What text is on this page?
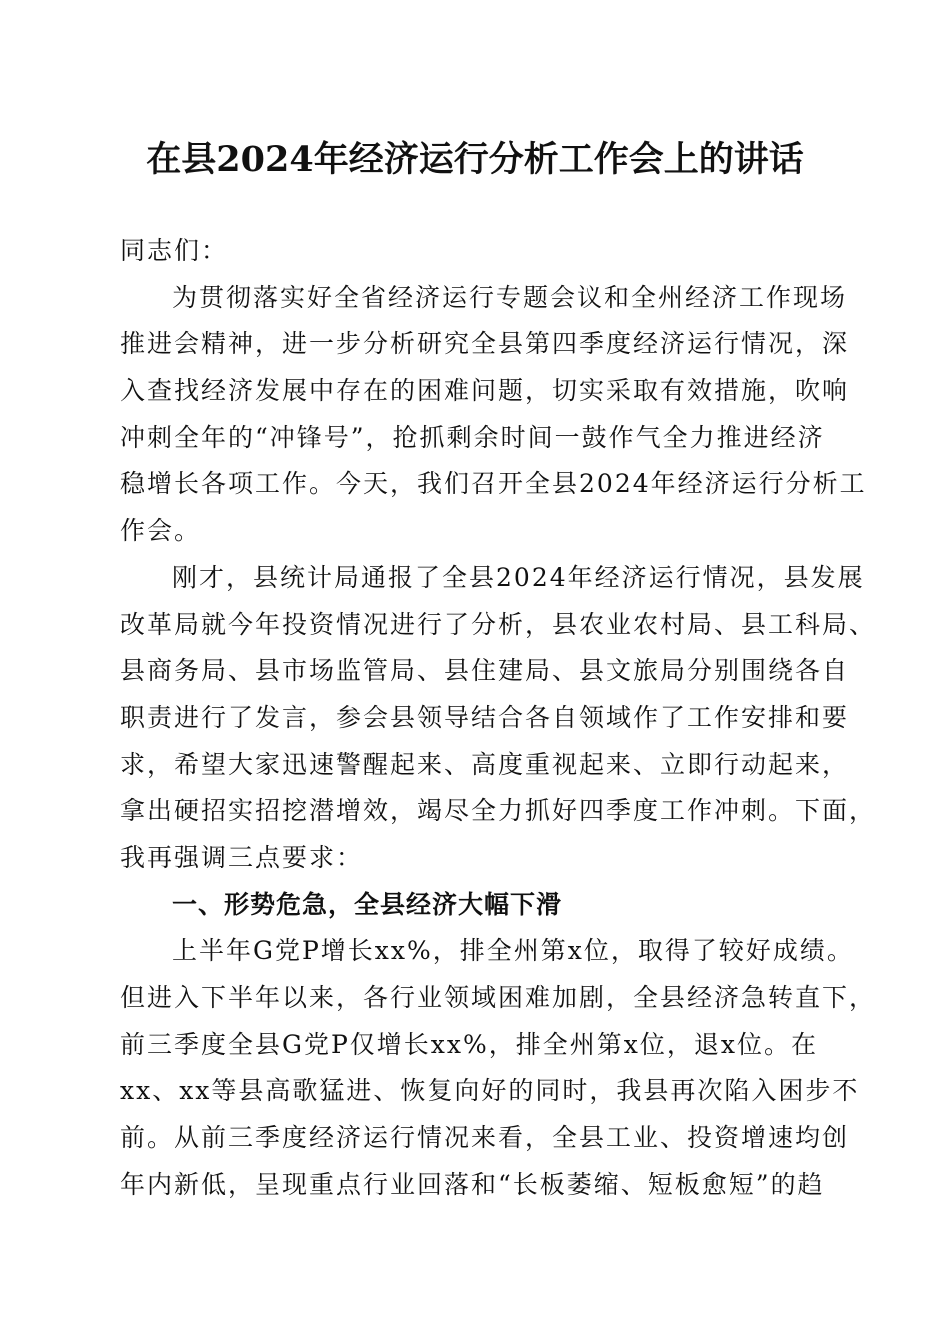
在县2024年经济运行分析工作会上的讲话
同志们：
为贯彻落实好全省经济运行专题会议和全州经济工作现场
推进会精神，进一步分析研究全县第四季度经济运行情况，深
入查找经济发展中存在的困难问题，切实采取有效措施，吹响
冲刺全年的“冲锋号”，抢抓剩余时间一鼓作气全力推进经济
稳增长各项工作。今天，我们召开全县2024年经济运行分析工
作会。
刚才，县统计局通报了全县2024年经济运行情况，县发展
改革局就今年投资情况进行了分析，县农业农村局、县工科局、
县商务局、县市场监管局、县住建局、县文旅局分别围绕各自
职责进行了发言，参会县领导结合各自领域作了工作安排和要
求，希望大家迅速警醒起来、高度重视起来、立即行动起来，
拿出硬招实招挖潜增效，竭尽全力抓好四季度工作冲刺。下面，
我再强调三点要求：
一、形势危急，全县经济大幅下滑
上半年G党P增长xx%，排全州第x位，取得了较好成绩。
但进入下半年以来，各行业领域困难加剧，全县经济急转直下，
前三季度全县G党P仅增长xx%，排全州第x位，退x位。在
xx、xx等县高歌猛进、恢复向好的同时，我县再次陷入困步不
前。从前三季度经济运行情况来看，全县工业、投资增速均创
年内新低，呈现重点行业回落和“长板萎缩、短板愈短”的趋
